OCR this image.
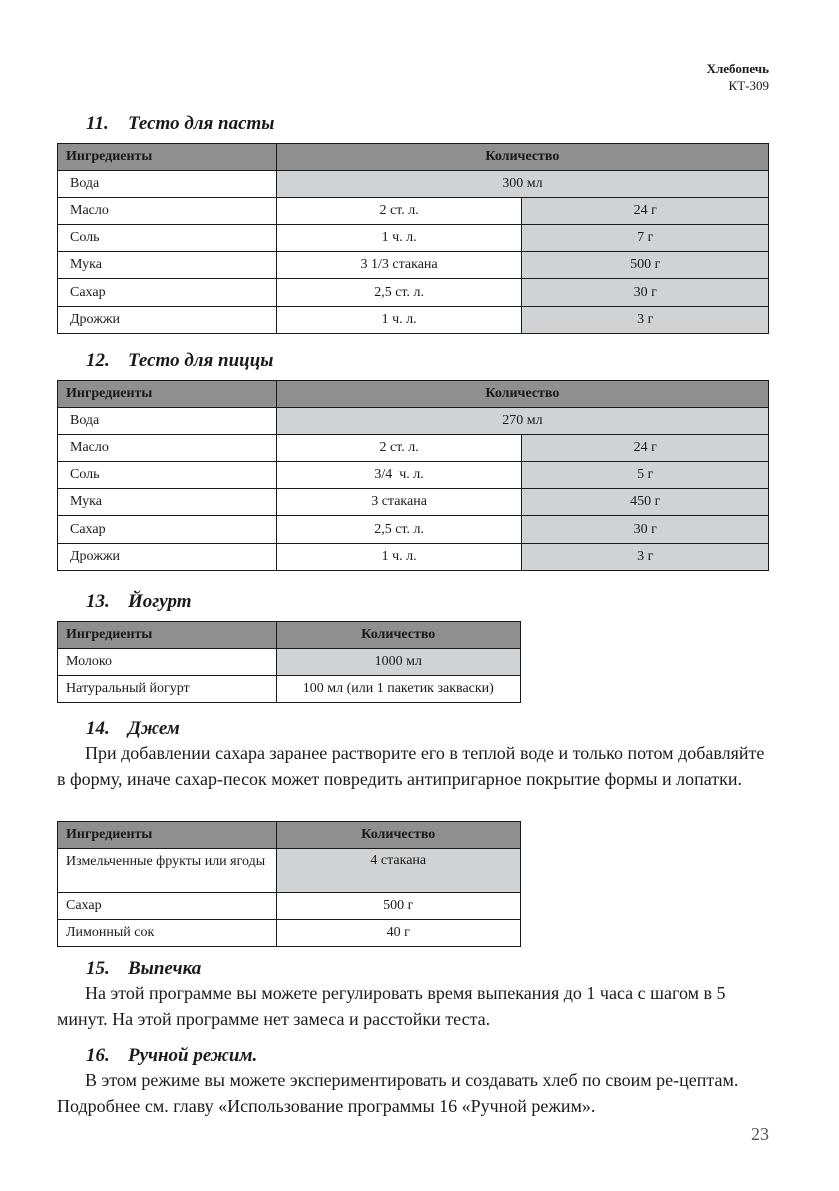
Хлебопечь
КТ-309
11. Тесто для пасты
Ингредиенты	Количество	
Вода	300 мл	
Масло	2 ст. л.	24 г
Соль	1 ч. л.	7 г
Мука	3 1/3 стакана	500 г
Сахар	2,5 ст. л.	30 г
Дрожжи	1 ч. л.	3 г
12. Тесто для пиццы
Ингредиенты	Количество	
Вода	270 мл	
Масло	2 ст. л.	24 г
Соль	3/4  ч. л.	5 г
Мука	3 стакана	450 г
Сахар	2,5 ст. л.	30 г
Дрожжи	1 ч. л.	3 г
13. Йогурт
Ингредиенты	Количество
Молоко	1000 мл
Натуральный йогурт	100 мл (или 1 пакетик закваски)
14. Джем

При добавлении сахара заранее растворите его в теплой воде и только потом добавляйте в форму, иначе сахар-песок может повредить антипригарное покрытие формы и лопатки.

Ингредиенты	Количество
Измельченные фрукты или ягоды	4 стакана
Сахар	500 г
Лимонный сок	40 г
15. Выпечка

На этой программе вы можете регулировать время выпекания до 1 часа с шагом в 5 минут. На этой программе нет замеса и расстойки теста.

16. Ручной режим.

В этом режиме вы можете экспериментировать и создавать хлеб по своим ре-цептам. Подробнее см. главу «Использование программы 16 «Ручной режим».

23
